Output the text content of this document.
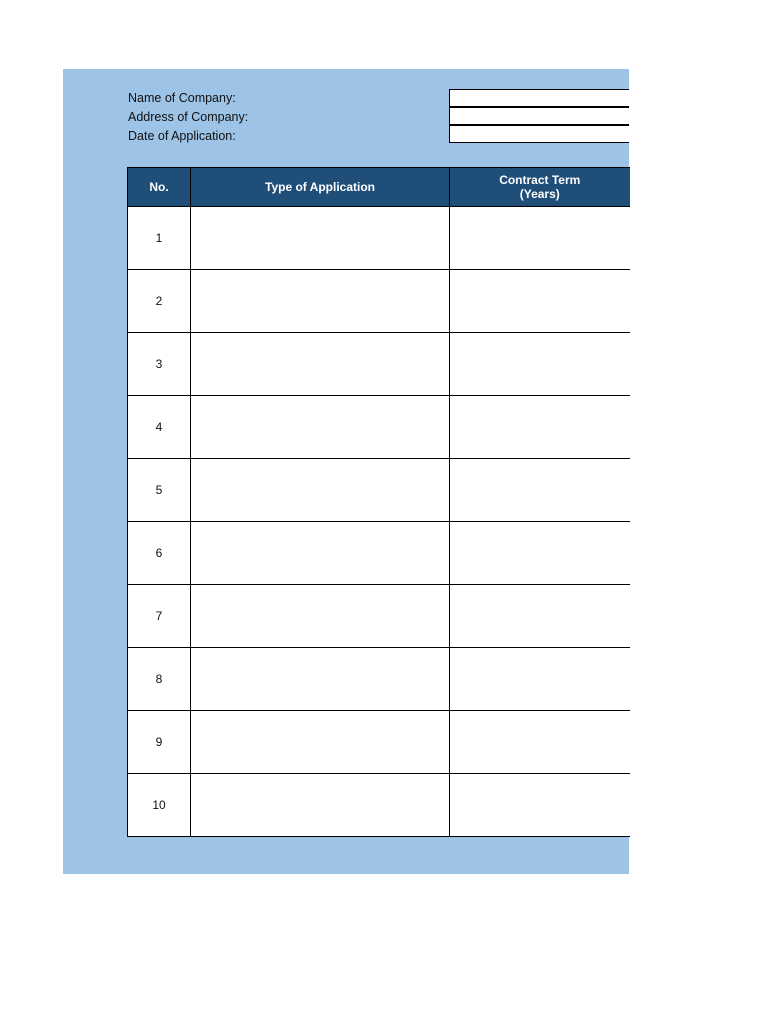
Name of Company:
Address of Company:
Date of Application:
No.	Type of Application	Contract Term
(Years)

1		
2		
3		
4		
5		
6		
7		
8		
9		
10		
